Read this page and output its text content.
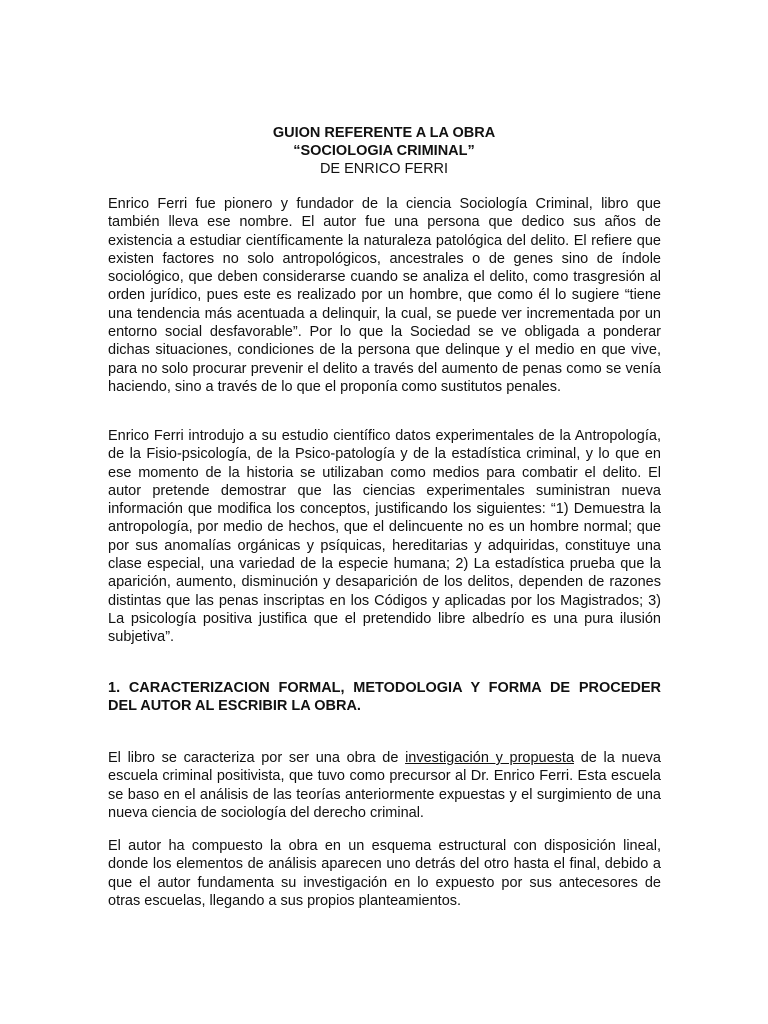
GUION REFERENTE A LA OBRA
“SOCIOLOGIA CRIMINAL”
DE ENRICO FERRI

Enrico Ferri fue pionero y fundador de la ciencia Sociología Criminal, libro que también lleva ese nombre. El autor fue una persona que dedico sus años de existencia a estudiar científicamente la naturaleza patológica del delito. El refiere que existen factores no solo antropológicos, ancestrales o de genes sino de índole sociológico, que deben considerarse cuando se analiza el delito, como trasgresión al orden jurídico, pues este es realizado por un hombre, que como él lo sugiere “tiene una tendencia más acentuada a delinquir, la cual, se puede ver incrementada por un entorno social desfavorable”. Por lo que la Sociedad se ve obligada a ponderar dichas situaciones, condiciones de la persona que delinque y el medio en que vive, para no solo procurar prevenir el delito a través del aumento de penas como se venía haciendo, sino a través de lo que el proponía como sustitutos penales.

Enrico Ferri introdujo a su estudio científico datos experimentales de la Antropología, de la Fisio-psicología, de la Psico-patología y de la estadística criminal, y lo que en ese momento de la historia se utilizaban como medios para combatir el delito. El autor pretende demostrar que las ciencias experimentales suministran nueva información que modifica los conceptos, justificando los siguientes: “1) Demuestra la antropología, por medio de hechos, que el delincuente no es un hombre normal; que por sus anomalías orgánicas y psíquicas, hereditarias y adquiridas, constituye una clase especial, una variedad de la especie humana; 2) La estadística prueba que la aparición, aumento, disminución y desaparición de los delitos, dependen de razones distintas que las penas inscriptas en los Códigos y aplicadas por los Magistrados; 3) La psicología positiva justifica que el pretendido libre albedrío es una pura ilusión subjetiva”.

1. CARACTERIZACION FORMAL, METODOLOGIA Y FORMA DE PROCEDER DEL AUTOR AL ESCRIBIR LA OBRA.

El libro se caracteriza por ser una obra de investigación y propuesta de la nueva escuela criminal positivista, que tuvo como precursor al Dr. Enrico Ferri. Esta escuela se baso en el análisis de las teorías anteriormente expuestas y el surgimiento de una nueva ciencia de sociología del derecho criminal.

El autor ha compuesto la obra en un esquema estructural con disposición lineal, donde los elementos de análisis aparecen uno detrás del otro hasta el final, debido a que el autor fundamenta su investigación en lo expuesto por sus antecesores de otras escuelas, llegando a sus propios planteamientos.
